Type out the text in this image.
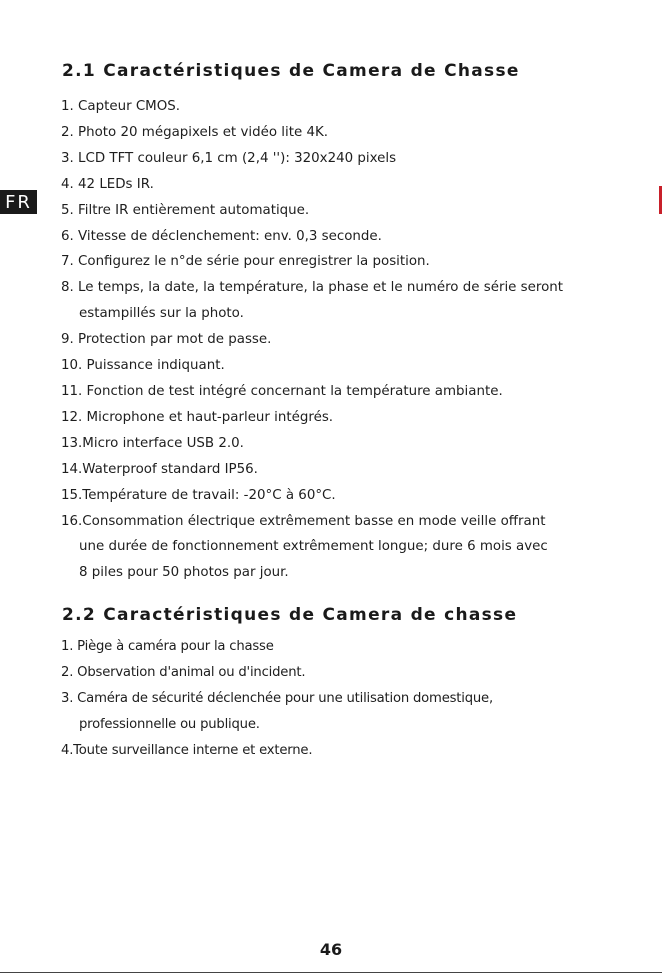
FR
2.1 Caractéristiques de Camera de Chasse
1. Capteur CMOS.
2. Photo 20 mégapixels et vidéo lite 4K.
3. LCD TFT couleur 6,1 cm (2,4 ''): 320x240 pixels
4. 42 LEDs IR.
5. Filtre IR entièrement automatique.
6. Vitesse de déclenchement: env. 0,3 seconde.
7. Configurez le n°de série pour enregistrer la position.
8. Le temps, la date, la température, la phase et le numéro de série seront
estampillés sur la photo.
9. Protection par mot de passe.
10. Puissance indiquant.
11. Fonction de test intégré concernant la température ambiante.
12. Microphone et haut-parleur intégrés.
13.Micro interface USB 2.0.
14.Waterproof standard IP56.
15.Température de travail: -20°C à 60°C.
16.Consommation électrique extrêmement basse en mode veille offrant
une durée de fonctionnement extrêmement longue; dure 6 mois avec
8 piles pour 50 photos par jour.
2.2 Caractéristiques de Camera de chasse
1. Piège à caméra pour la chasse
2. Observation d'animal ou d'incident.
3. Caméra de sécurité déclenchée pour une utilisation domestique,
professionnelle ou publique.
4.Toute surveillance interne et externe.
46
